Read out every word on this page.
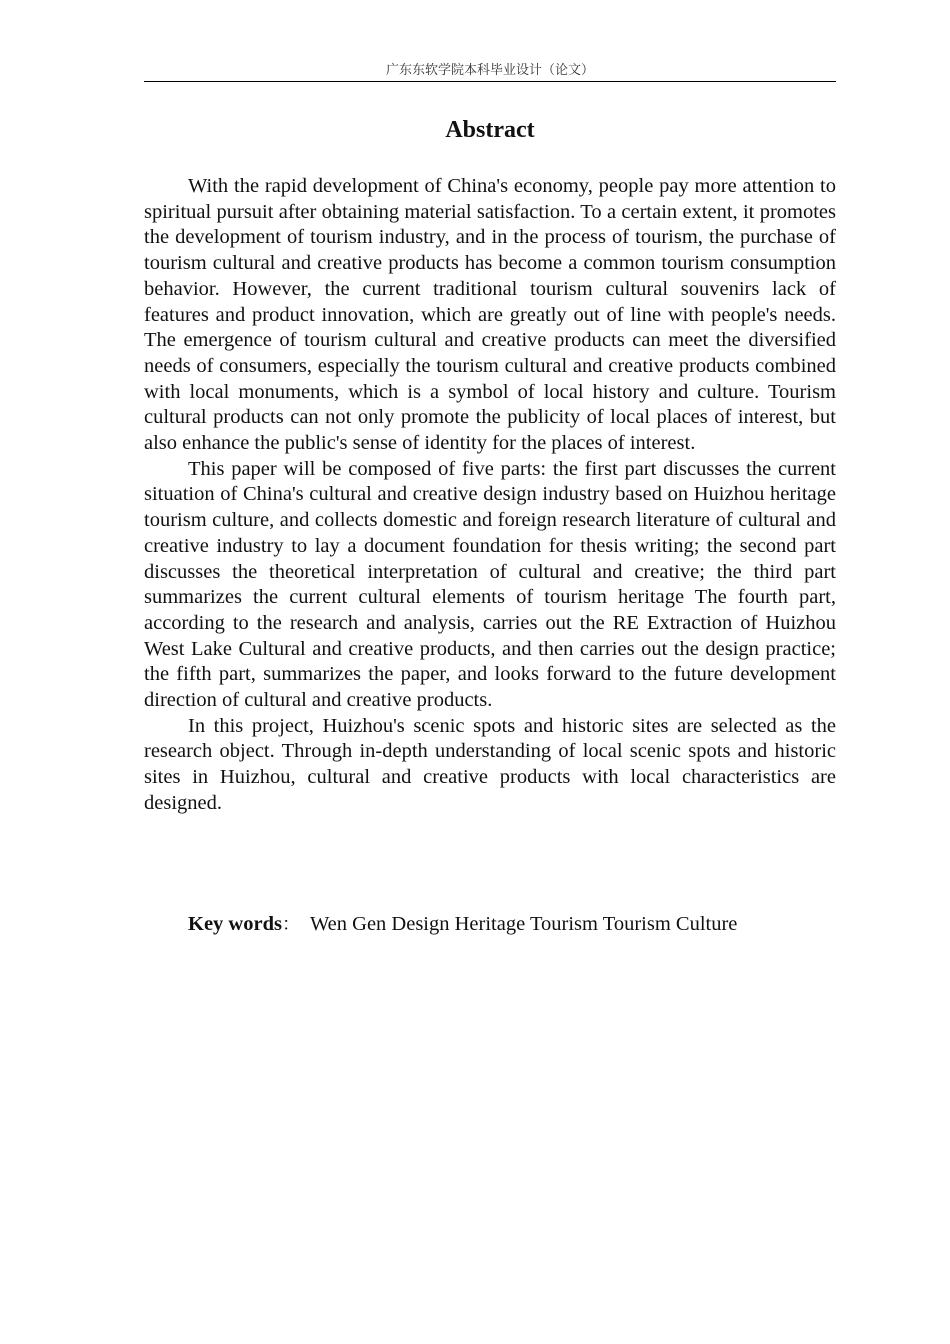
广东东软学院本科毕业设计（论文）
Abstract

With the rapid development of China's economy, people pay more attention to spiritual pursuit after obtaining material satisfaction. To a certain extent, it promotes the development of tourism industry, and in the process of tourism, the purchase of tourism cultural and creative products has become a common tourism consumption behavior. However, the current traditional tourism cultural souvenirs lack of features and product innovation, which are greatly out of line with people's needs. The emergence of tourism cultural and creative products can meet the diversified needs of consumers, especially the tourism cultural and creative products combined with local monuments, which is a symbol of local history and culture. Tourism cultural products can not only promote the publicity of local places of interest, but also enhance the public's sense of identity for the places of interest.

This paper will be composed of five parts: the first part discusses the current situation of China's cultural and creative design industry based on Huizhou heritage tourism culture, and collects domestic and foreign research literature of cultural and creative industry to lay a document foundation for thesis writing; the second part discusses the theoretical interpretation of cultural and creative; the third part summarizes the current cultural elements of tourism heritage The fourth part, according to the research and analysis, carries out the RE Extraction of Huizhou West Lake Cultural and creative products, and then carries out the design practice; the fifth part, summarizes the paper, and looks forward to the future development direction of cultural and creative products.

In this project, Huizhou's scenic spots and historic sites are selected as the research object. Through in-depth understanding of local scenic spots and historic sites in Huizhou, cultural and creative products with local characteristics are designed.

Key words： Wen Gen Design Heritage Tourism Tourism Culture
